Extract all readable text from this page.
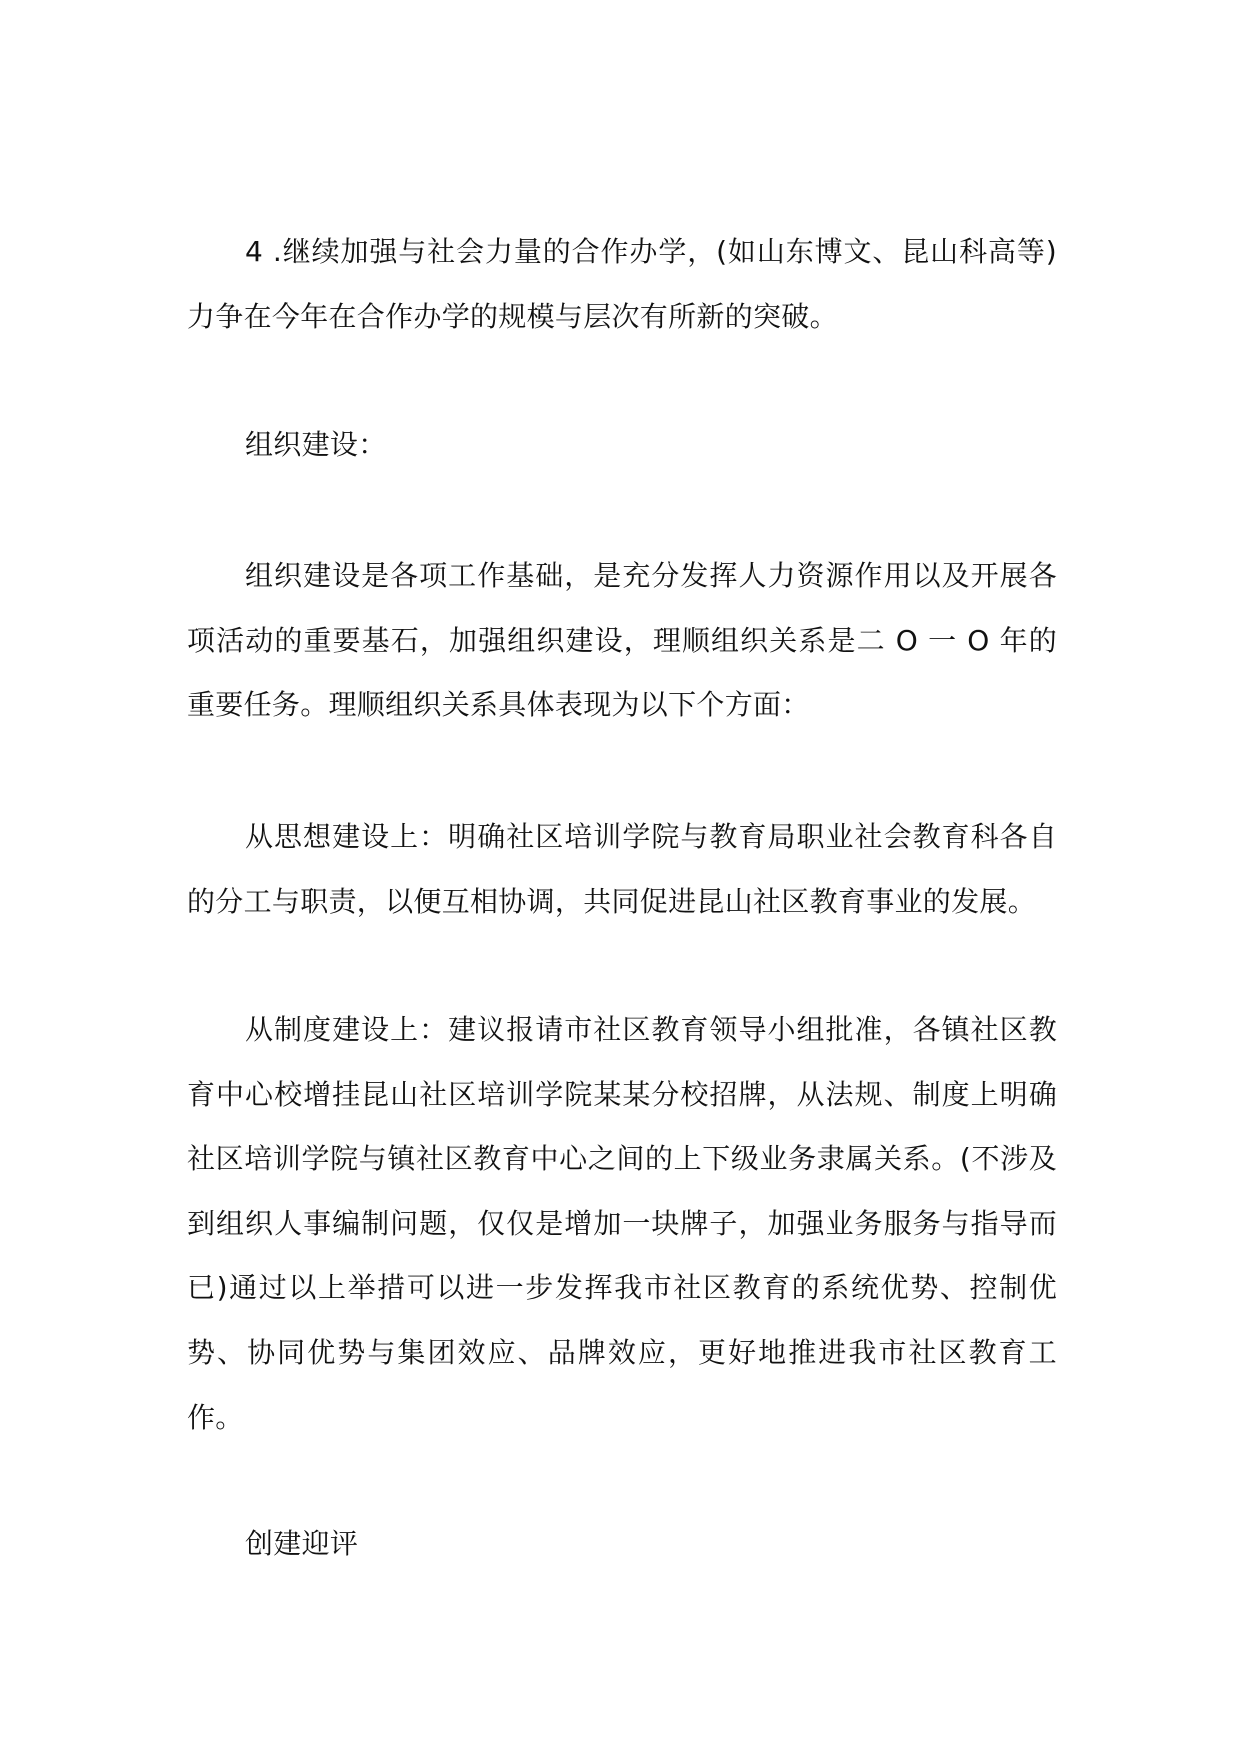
4 .继续加强与社会力量的合作办学，(如山东博文、昆山科高等)力争在今年在合作办学的规模与层次有所新的突破。

组织建设：

组织建设是各项工作基础，是充分发挥人力资源作用以及开展各项活动的重要基石，加强组织建设，理顺组织关系是二 O 一 O 年的重要任务。理顺组织关系具体表现为以下个方面：

从思想建设上：明确社区培训学院与教育局职业社会教育科各自的分工与职责，以便互相协调，共同促进昆山社区教育事业的发展。

从制度建设上：建议报请市社区教育领导小组批准，各镇社区教育中心校增挂昆山社区培训学院某某分校招牌，从法规、制度上明确社区培训学院与镇社区教育中心之间的上下级业务隶属关系。(不涉及到组织人事编制问题，仅仅是增加一块牌子，加强业务服务与指导而已)通过以上举措可以进一步发挥我市社区教育的系统优势、控制优势、协同优势与集团效应、品牌效应，更好地推进我市社区教育工作。

创建迎评
